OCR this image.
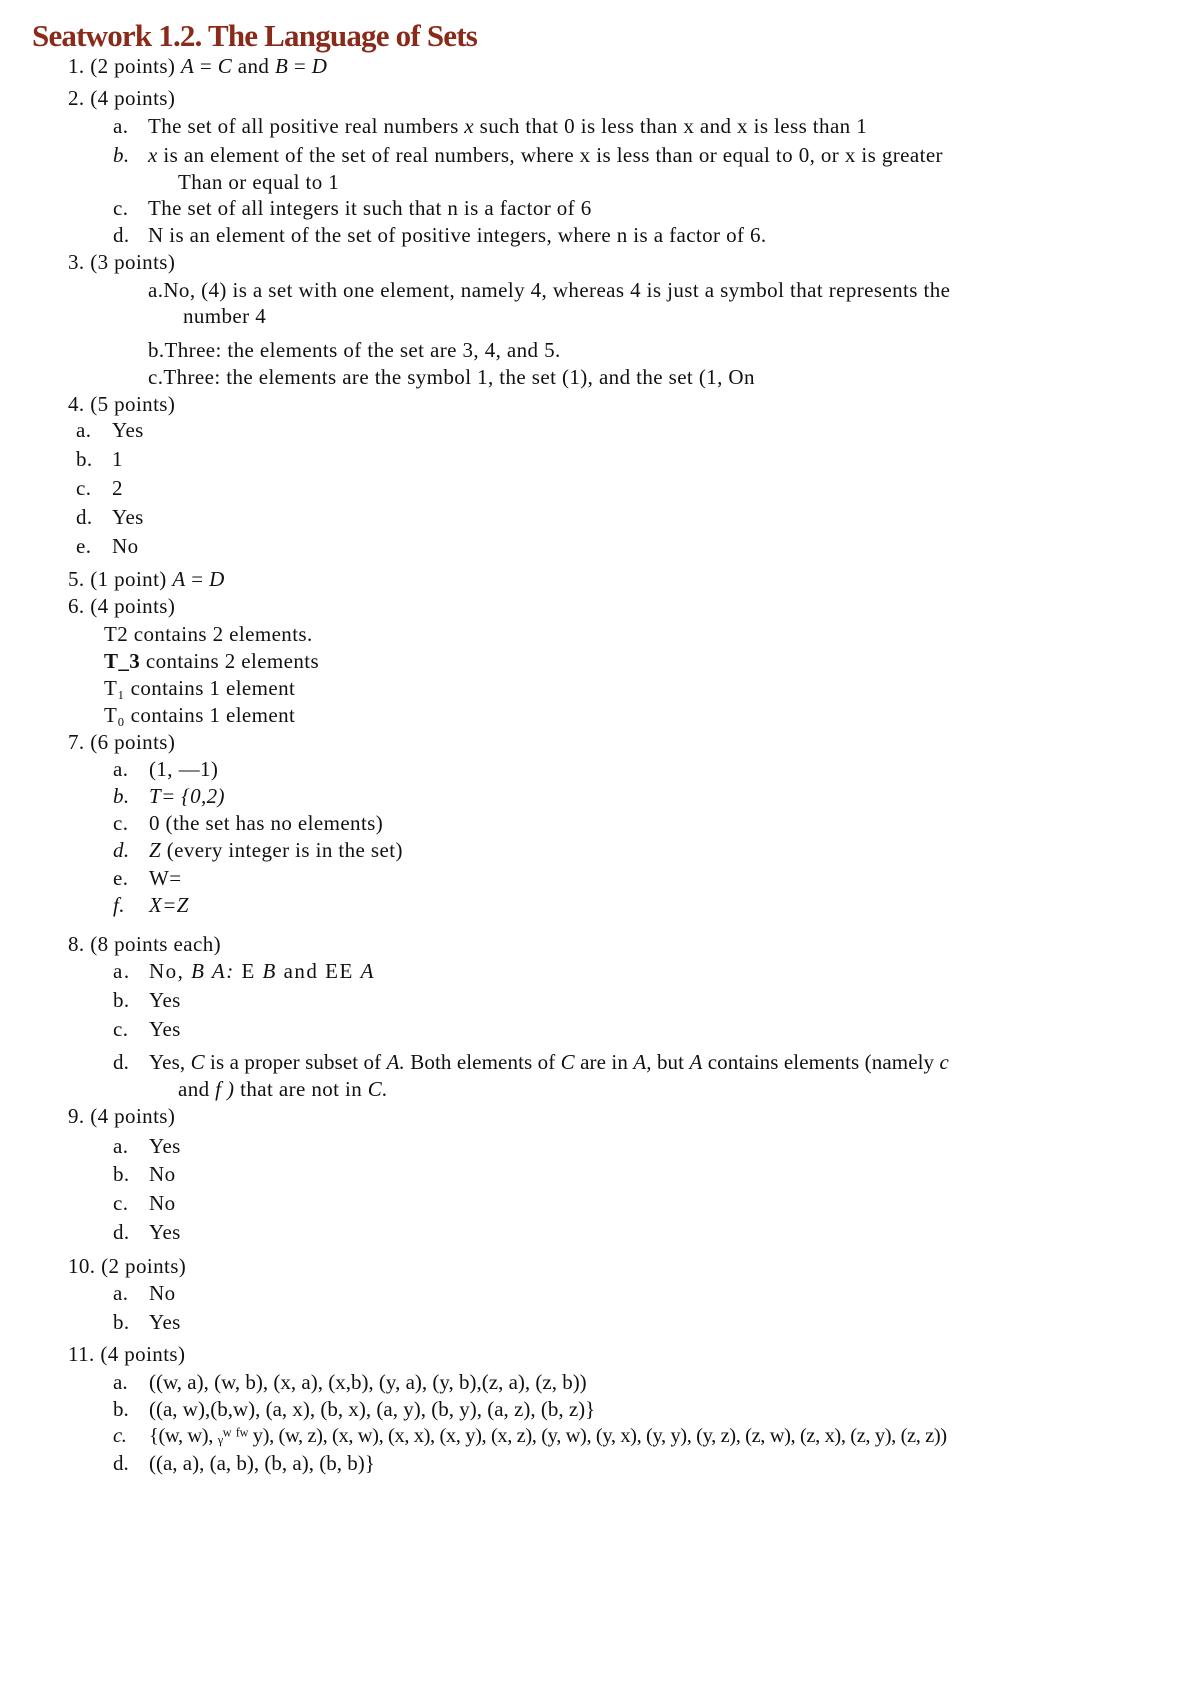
Seatwork 1.2. The Language of Sets
1. (2 points) A = C and B = D
2. (4 points)
a. The set of all positive real numbers x such that 0 is less than x and x is less than 1
b. x is an element of the set of real numbers, where x is less than or equal to 0, or x is greater
Than or equal to 1
c. The set of all integers it such that n is a factor of 6
d. N is an element of the set of positive integers, where n is a factor of 6.
3. (3 points)
a.No, (4) is a set with one element, namely 4, whereas 4 is just a symbol that represents the
number 4
b.Three: the elements of the set are 3, 4, and 5.
c.Three: the elements are the symbol 1, the set (1), and the set (1, On
4. (5 points)
a. Yes
b. 1
c. 2
d. Yes
e. No
5. (1 point) A = D
6. (4 points)
T2 contains 2 elements.
T_3 contains 2 elements
T₁ contains 1 element
T₀ contains 1 element
7. (6 points)
a. (1, —1)
b. T= {0,2)
c. 0 (the set has no elements)
d. Z (every integer is in the set)
e. W=
f. X=Z
8. (8 points each)
a. No, B A: E B and EE A
b. Yes
c. Yes
d. Yes, C is a proper subset of A. Both elements of C are in A, but A contains elements (namely c
and f ) that are not in C.
9. (4 points)
a. Yes
b. No
c. No
d. Yes
10. (2 points)
a. No
b. Yes
11. (4 points)
a. ((w, a), (w, b), (x, a), (x,b), (y, a), (y, b),(z, a), (z, b))
b. ((a, w),(b,w), (a, x), (b, x), (a, y), (b, y), (a, z), (b, z)}
c. {(w, w), ᵧʷ ᶠʷ y), (w, z), (x, w), (x, x), (x, y), (x, z), (y, w), (y, x), (y, y), (y, z), (z, w), (z, x), (z, y), (z, z))
d. ((a, a), (a, b), (b, a), (b, b)}
